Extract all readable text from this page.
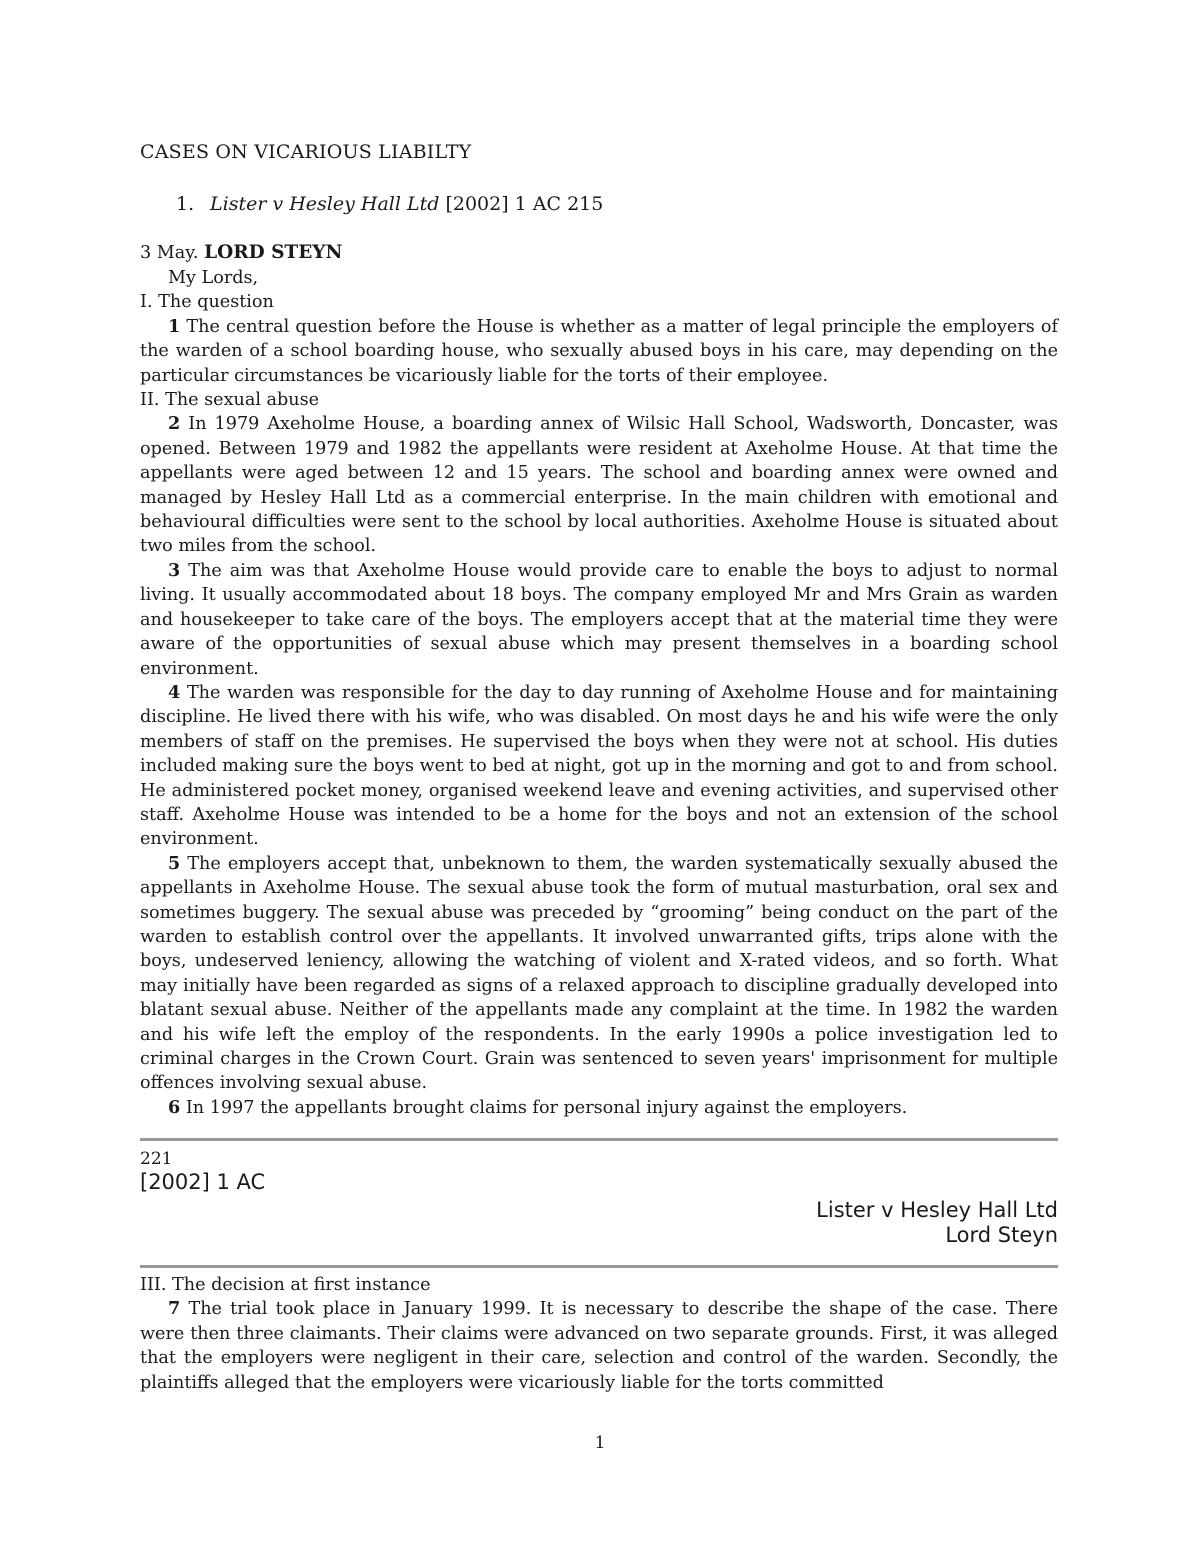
CASES ON VICARIOUS LIABILTY
1. Lister v Hesley Hall Ltd [2002] 1 AC 215
3 May. LORD STEYN
My Lords,
I. The question

1 The central question before the House is whether as a matter of legal principle the employers of the warden of a school boarding house, who sexually abused boys in his care, may depending on the particular circumstances be vicariously liable for the torts of their employee.

II. The sexual abuse

2 In 1979 Axeholme House, a boarding annex of Wilsic Hall School, Wadsworth, Doncaster, was opened. Between 1979 and 1982 the appellants were resident at Axeholme House. At that time the appellants were aged between 12 and 15 years. The school and boarding annex were owned and managed by Hesley Hall Ltd as a commercial enterprise. In the main children with emotional and behavioural difficulties were sent to the school by local authorities. Axeholme House is situated about two miles from the school.

3 The aim was that Axeholme House would provide care to enable the boys to adjust to normal living. It usually accommodated about 18 boys. The company employed Mr and Mrs Grain as warden and housekeeper to take care of the boys. The employers accept that at the material time they were aware of the opportunities of sexual abuse which may present themselves in a boarding school environment.

4 The warden was responsible for the day to day running of Axeholme House and for maintaining discipline. He lived there with his wife, who was disabled. On most days he and his wife were the only members of staff on the premises. He supervised the boys when they were not at school. His duties included making sure the boys went to bed at night, got up in the morning and got to and from school. He administered pocket money, organised weekend leave and evening activities, and supervised other staff. Axeholme House was intended to be a home for the boys and not an extension of the school environment.

5 The employers accept that, unbeknown to them, the warden systematically sexually abused the appellants in Axeholme House. The sexual abuse took the form of mutual masturbation, oral sex and sometimes buggery. The sexual abuse was preceded by “grooming” being conduct on the part of the warden to establish control over the appellants. It involved unwarranted gifts, trips alone with the boys, undeserved leniency, allowing the watching of violent and X-rated videos, and so forth. What may initially have been regarded as signs of a relaxed approach to discipline gradually developed into blatant sexual abuse. Neither of the appellants made any complaint at the time. In 1982 the warden and his wife left the employ of the respondents. In the early 1990s a police investigation led to criminal charges in the Crown Court. Grain was sentenced to seven years' imprisonment for multiple offences involving sexual abuse.

6 In 1997 the appellants brought claims for personal injury against the employers.

221
[2002] 1 AC
Lister v Hesley Hall Ltd
Lord Steyn
III. The decision at first instance

7 The trial took place in January 1999. It is necessary to describe the shape of the case. There were then three claimants. Their claims were advanced on two separate grounds. First, it was alleged that the employers were negligent in their care, selection and control of the warden. Secondly, the plaintiffs alleged that the employers were vicariously liable for the torts committed

1
